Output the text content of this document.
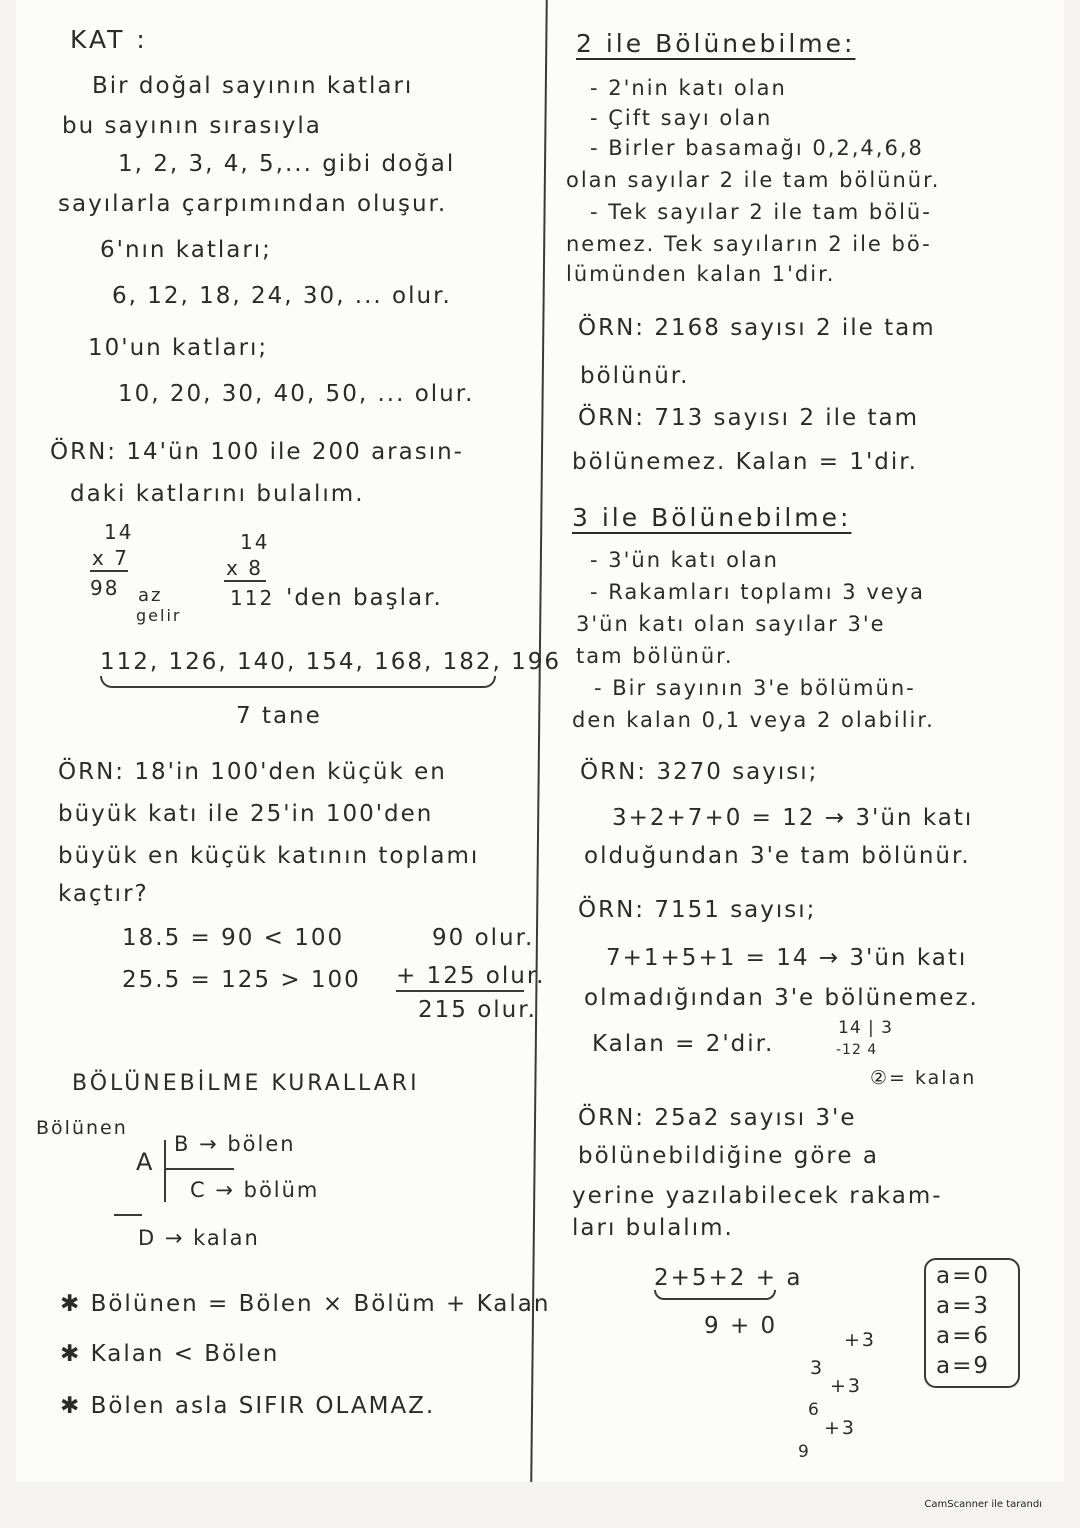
KAT :
Bir doğal sayının katları
bu sayının sırasıyla
1, 2, 3, 4, 5,... gibi doğal
sayılarla çarpımından oluşur.
6'nın katları;
6, 12, 18, 24, 30, ... olur.
10'un katları;
10, 20, 30, 40, 50, ... olur.
ÖRN: 14'ün 100 ile 200 arasın-
daki katlarını bulalım.
14
x 7
98 az
gelir
14
x 8
112 'den başlar.
112, 126, 140, 154, 168, 182, 196
7 tane
ÖRN: 18'in 100'den küçük en
büyük katı ile 25'in 100'den
büyük en küçük katının toplamı
kaçtır?
18.5 = 90 < 100
25.5 = 125 > 100
90 olur.
+ 125 olur.
215 olur.
BÖLÜNEBİLME KURALLARI
Bölünen
A
B → bölen
C → bölüm
D → kalan
✱ Bölünen = Bölen × Bölüm + Kalan
✱ Kalan < Bölen
✱ Bölen asla SIFIR OLAMAZ.
2 ile Bölünebilme:
- 2'nin katı olan
- Çift sayı olan
- Birler basamağı 0,2,4,6,8
olan sayılar 2 ile tam bölünür.
- Tek sayılar 2 ile tam bölü-
nemez. Tek sayıların 2 ile bö-
lümünden kalan 1'dir.
ÖRN: 2168 sayısı 2 ile tam
bölünür.
ÖRN: 713 sayısı 2 ile tam
bölünemez. Kalan = 1'dir.
3 ile Bölünebilme:
- 3'ün katı olan
- Rakamları toplamı 3 veya
3'ün katı olan sayılar 3'e
tam bölünür.
- Bir sayının 3'e bölümün-
den kalan 0,1 veya 2 olabilir.
ÖRN: 3270 sayısı;
3+2+7+0 = 12 → 3'ün katı
olduğundan 3'e tam bölünür.
ÖRN: 7151 sayısı;
7+1+5+1 = 14 → 3'ün katı
olmadığından 3'e bölünemez.
Kalan = 2'dir.
14 | 3
-12 4
②= kalan
ÖRN: 25a2 sayısı 3'e
bölünebildiğine göre a
yerine yazılabilecek rakam-
ları bulalım.
2+5+2 + a
9 + 0
+3
3
+3
6
+3
9
a=0
a=3
a=6
a=9
CamScanner ile tarandı
